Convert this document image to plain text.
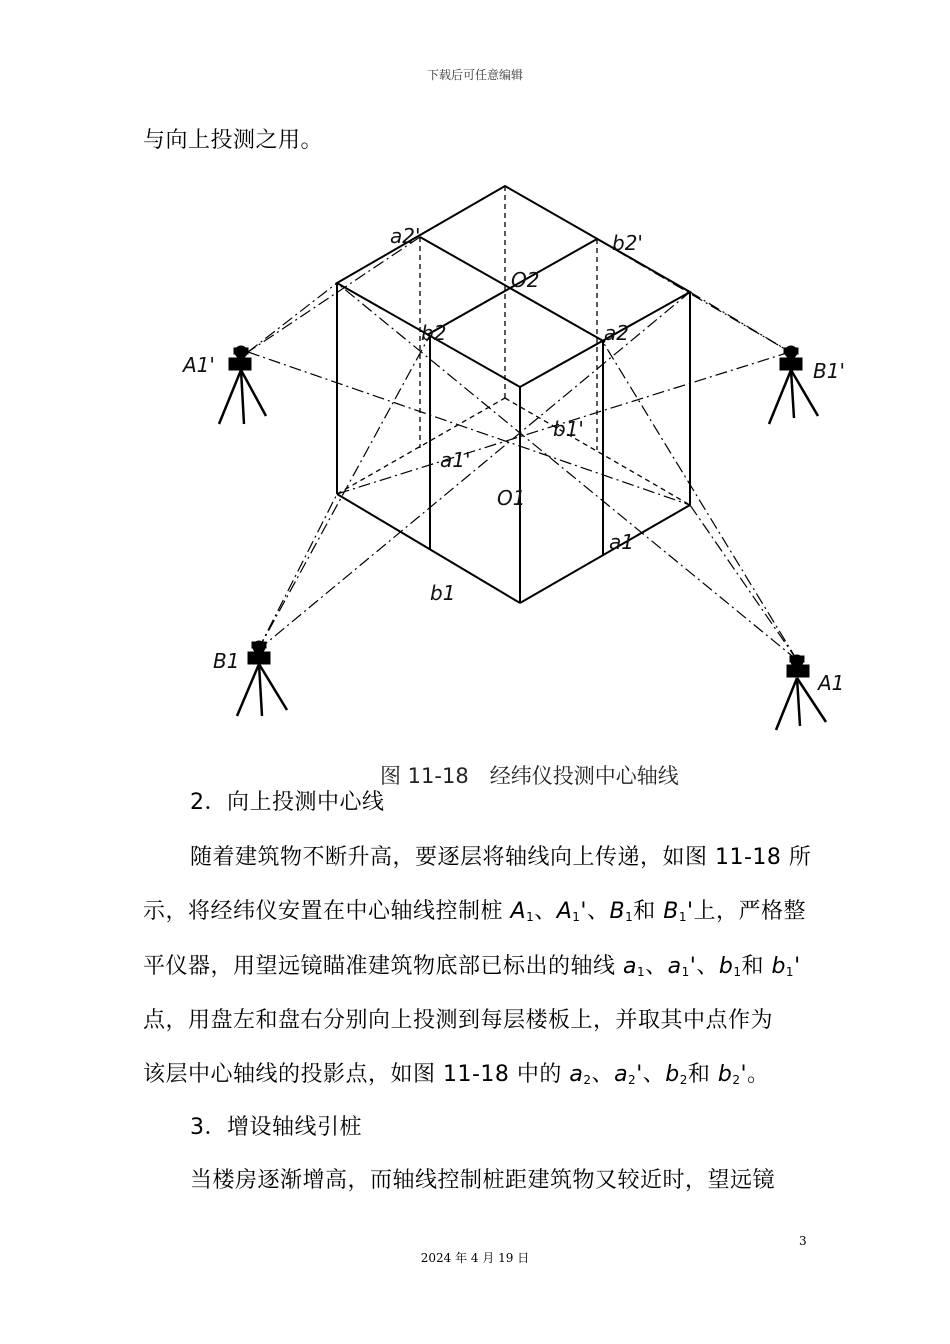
下载后可任意编辑
与向上投测之用。
a2'	b2'
O2
b2	a2
A1'	B1'
b1'
a1'
O1
a1
b1
B1
A1
图 11-18　经纬仪投测中心轴线
2．向上投测中心线
随着建筑物不断升高，要逐层将轴线向上传递，如图 11-18 所
示，将经纬仪安置在中心轴线控制桩 $A_1$、$A_1'$、$B_1$和 $B_1'$上，严格整
平仪器，用望远镜瞄准建筑物底部已标出的轴线 $a_1$、$a_1'$、$b_1$和 $b_1'$
点，用盘左和盘右分别向上投测到每层楼板上，并取其中点作为
该层中心轴线的投影点，如图 11-18 中的 $a_2$、$a_2'$、$b_2$和 $b_2'$。
3．增设轴线引桩
当楼房逐渐增高，而轴线控制桩距建筑物又较近时，望远镜
3
2024 年 4 月 19 日
